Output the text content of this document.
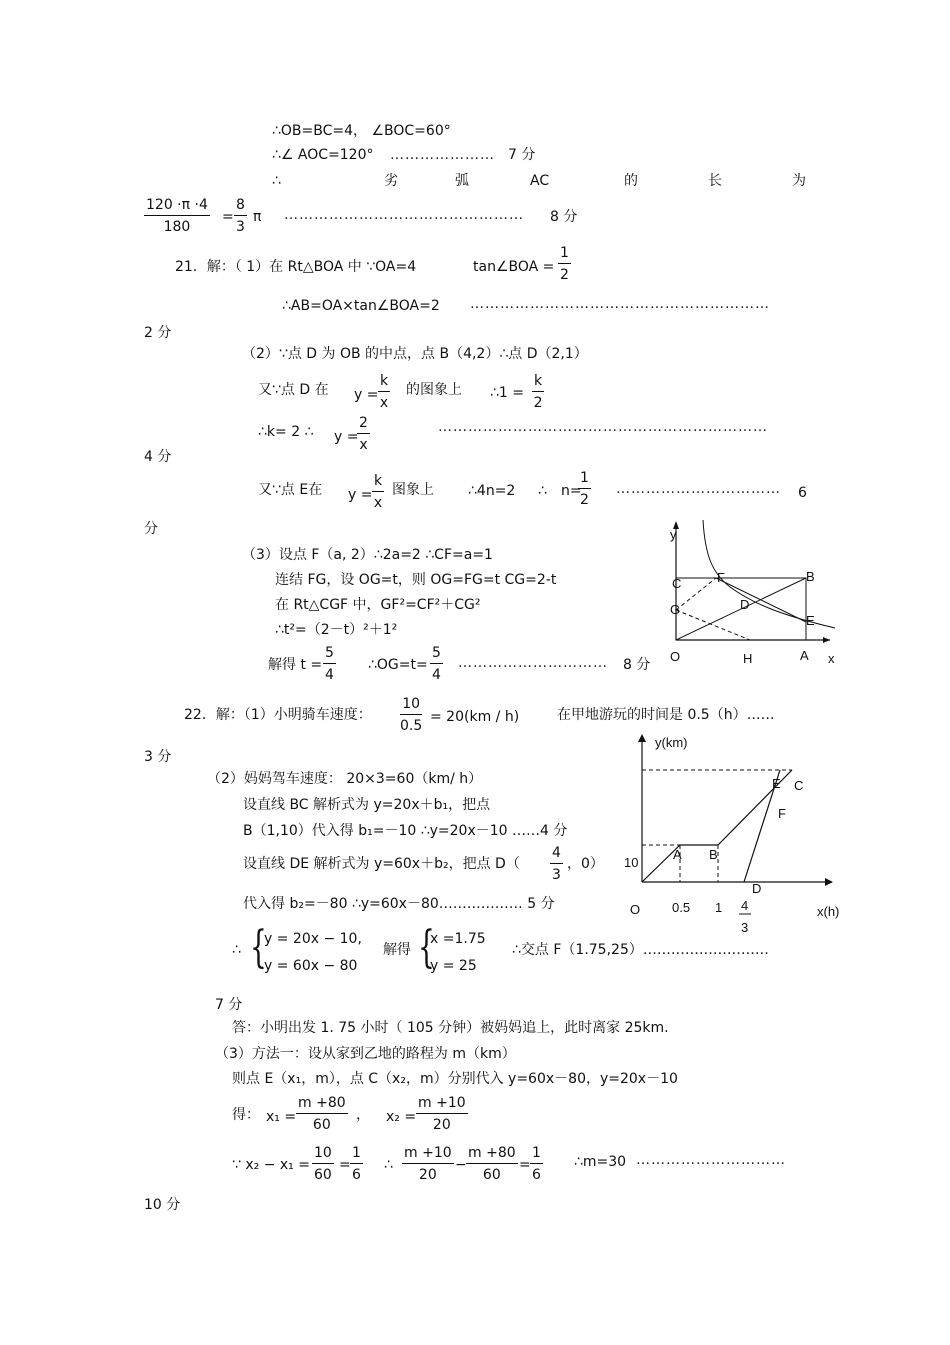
∴OB=BC=4， ∠BOC=60°
∴∠ AOC=120° ………………… 7 分
∴	劣	弧	AC	的	长	为
$\frac{120 \cdot\pi \cdot 4}{180} = \frac{8}{3}$ π ………………………………………… 8 分
21．解：（ 1）在 Rt△BOA 中 ∵OA=4	tan∠BOA = $\frac{1}{2}$
∴AB=OA×tan∠BOA=2 ……………………………………………………
2 分
（2）∵点 D 为 OB 的中点，点 B（4,2）∴点 D（2,1）
又∵点 D 在 $y = \frac{k}{x}$ 的图象上 ∴1 = $\frac{k}{2}$
∴k= 2 ∴ y =
$\frac{2}{x}$	…………………………………………………………
4 分
又∵点 E在 $y = \frac{k}{x}$ 图象上 ∴4n=2 ∴ n=
$\frac{1}{2}$ …………………………… 6
分
（3）设点 F（a, 2）∴2a=2 ∴CF=a=1
连结 FG，设 OG=t，则 OG=FG=t CG=2-t
在 Rt△CGF 中，GF²=CF²＋CG²
∴t²=（2－t）²＋1²
解得 $t = \frac{5}{4}$ ∴OG=t= $\frac{5}{4}$ ………………………… 8 分
y
x
O
C	F	B
G	D
E
H	A
22．解：（1）小明骑车速度： $\frac{10}{0.5} = 20(km / h)$	在甲地游玩的时间是 0.5（h）……
3 分
（2）妈妈驾车速度： 20×3=60（km/ h）
设直线 BC 解析式为 y=20x＋b₁，把点
B（1,10）代入得 b₁=－10 ∴y=20x－10 ……4 分
设直线 DE 解析式为 y=60x＋b₂，把点 $D( \frac{4}{3}$ ，0）
代入得 b₂=－80 ∴y=60x－80……………… 5 分
∴ {
y = 20x − 10,
y = 60x − 80
解得 {
x =1.75
y = 25
∴交点 F（1.75,25）………………………
7 分
答：小明出发 1. 75 小时（ 105 分钟）被妈妈追上，此时离家 25km.
（3）方法一：设从家到乙地的路程为 m（km）
则点 E（x₁，m），点 C（x₂，m）分别代入 y=60x－80，y=20x－10
得： $x_1 = \frac{m +80}{60}$ ， $x_2 = \frac{m +10}{20}$
∵ $x_2 - x_1 = \frac{10}{60} = \frac{1}{6}$ ∴ $\frac{m +10}{20} - \frac{m +80}{60} = \frac{1}{6}$ ∴m=30 …………………………
10 分
y(km)
x(h)
O 0.5 1 4
3
10
A B
C
D
E
F
